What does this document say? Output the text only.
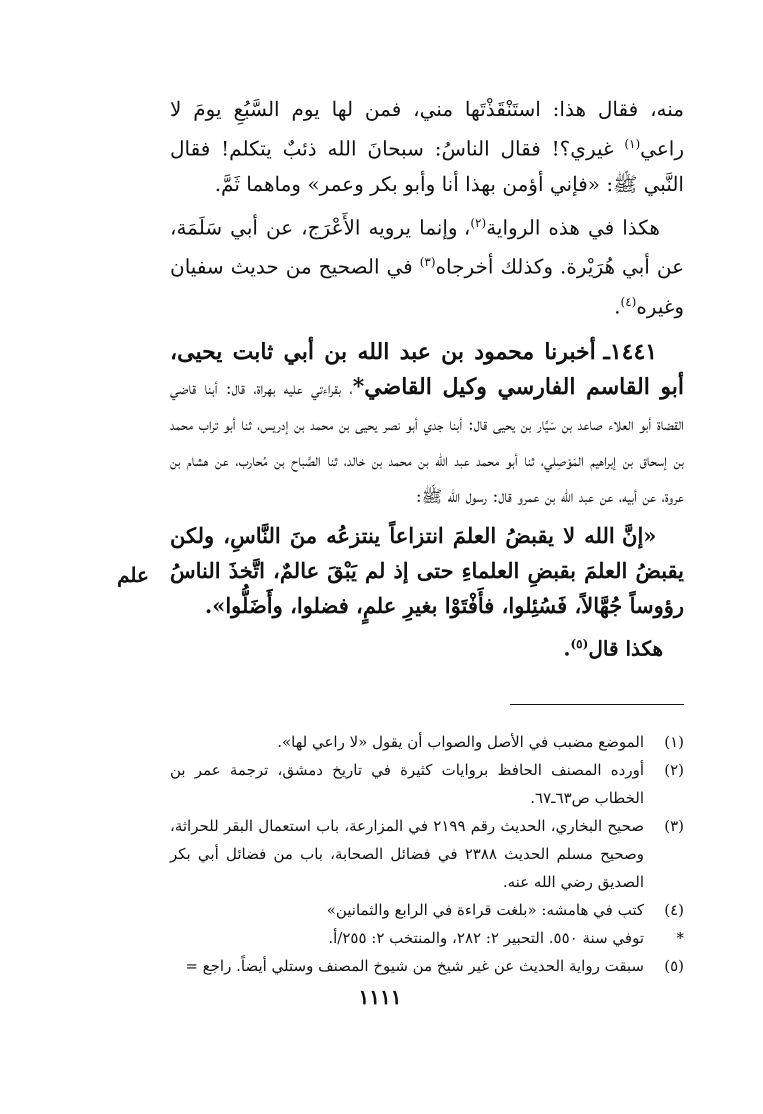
منه، فقال هذا: استَنْقَذْتَها مني، فمن لها يوم السَّبُعِ يومَ لا راعي$^{(١)}$ غيري؟! فقال الناسُ: سبحانَ الله ذئبٌ يتكلم! فقال النَّبي ﷺ: «فإني أؤمن بهذا أنا وأبو بكر وعمر» وماهما ثَمَّ.

هكذا في هذه الرواية$^{(٢)}$، وإنما يرويه الأَعْرَج، عن أبي سَلَمَة، عن أبي هُرَيْرة. وكذلك أخرجاه$^{(٣)}$ في الصحيح من حديث سفيان وغيره$^{(٤)}$.

١٤٤١ـ أخبرنا محمود بن عبد الله بن أبي ثابت يحيى، أبو القاسم الفارسي وكيل القاضي*، بقراءتي عليه بهراة، قال: أبنا قاضي القضاة أبو العلاء صاعد بن سَيَّار بن يحيى قال: أبنا جدي أبو نصر يحيى بن محمد بن إدريس، ثنا أبو تراب محمد بن إسحاق بن إبراهيم المَوْصِلي، ثنا أبو محمد عبد الله بن محمد بن خالد، ثنا الصَّباح بن مُحارب، عن هشام بن عروة، عن أبيه، عن عبد الله بن عمرو قال: رسول الله ﷺ:

«إنَّ الله لا يقبضُ العلمَ انتزاعاً ينتزعُه منَ النَّاسِ، ولكن يقبضُ العلمَ بقبضِ العلماءِ حتى إذ لم يَبْقَ عالمٌ، اتَّخذَ الناسُ رؤوساً جُهَّالاً، فَسُئِلوا، فأَفْتَوْا بغيرِ علمٍ، فضلوا، وأَضَلُّوا».

هكذا قال$^{(٥)}$.

علم
(١)
الموضع مضبب في الأصل والصواب أن يقول «لا راعي لها».
(٢)
أورده المصنف الحافظ بروايات كثيرة في تاريخ دمشق، ترجمة عمر بن الخطاب ص٦٣ـ٦٧.
(٣)
صحيح البخاري، الحديث رقم ٢١٩٩ في المزارعة، باب استعمال البقر للحراثة، وصحيح مسلم الحديث ٢٣٨٨ في فضائل الصحابة، باب من فضائل أبي بكر الصديق رضي الله عنه.
(٤)
كتب في هامشه: «بلغت قراءة في الرابع والثمانين»
*
توفي سنة ٥٥٠. التحبير ٢: ٢٨٢، والمنتخب ٢: ٢٥٥/أ.
(٥)
سبقت رواية الحديث عن غير شيخ من شيوخ المصنف وستلي أيضاً. راجع =
١١١١
